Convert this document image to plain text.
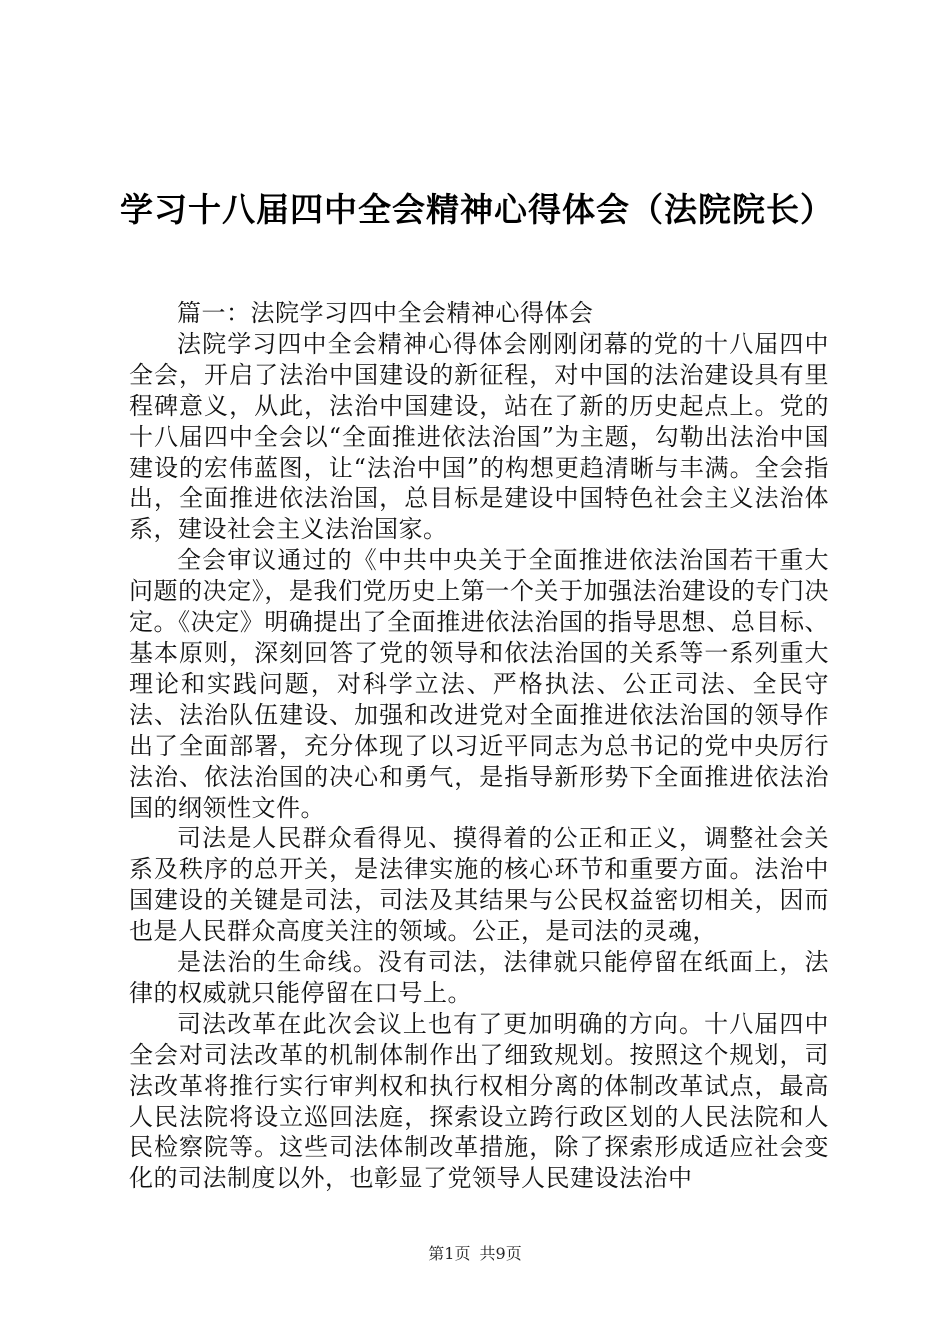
学习十八届四中全会精神心得体会（法院院长）

篇一：法院学习四中全会精神心得体会

法院学习四中全会精神心得体会刚刚闭幕的党的十八届四中全会，开启了法治中国建设的新征程，对中国的法治建设具有里程碑意义，从此，法治中国建设，站在了新的历史起点上。党的十八届四中全会以“全面推进依法治国”为主题，勾勒出法治中国建设的宏伟蓝图，让“法治中国”的构想更趋清晰与丰满。全会指出，全面推进依法治国，总目标是建设中国特色社会主义法治体系，建设社会主义法治国家。

全会审议通过的《中共中央关于全面推进依法治国若干重大问题的决定》，是我们党历史上第一个关于加强法治建设的专门决定。《决定》明确提出了全面推进依法治国的指导思想、总目标、基本原则，深刻回答了党的领导和依法治国的关系等一系列重大理论和实践问题，对科学立法、严格执法、公正司法、全民守法、法治队伍建设、加强和改进党对全面推进依法治国的领导作出了全面部署，充分体现了以习近平同志为总书记的党中央厉行法治、依法治国的决心和勇气，是指导新形势下全面推进依法治国的纲领性文件。

司法是人民群众看得见、摸得着的公正和正义，调整社会关系及秩序的总开关，是法律实施的核心环节和重要方面。法治中国建设的关键是司法，司法及其结果与公民权益密切相关，因而也是人民群众高度关注的领域。公正，是司法的灵魂，

是法治的生命线。没有司法，法律就只能停留在纸面上，法律的权威就只能停留在口号上。

司法改革在此次会议上也有了更加明确的方向。十八届四中全会对司法改革的机制体制作出了细致规划。按照这个规划，司法改革将推行实行审判权和执行权相分离的体制改革试点，最高人民法院将设立巡回法庭，探索设立跨行政区划的人民法院和人民检察院等。这些司法体制改革措施，除了探索形成适应社会变化的司法制度以外，也彰显了党领导人民建设法治中

第1页 共9页
